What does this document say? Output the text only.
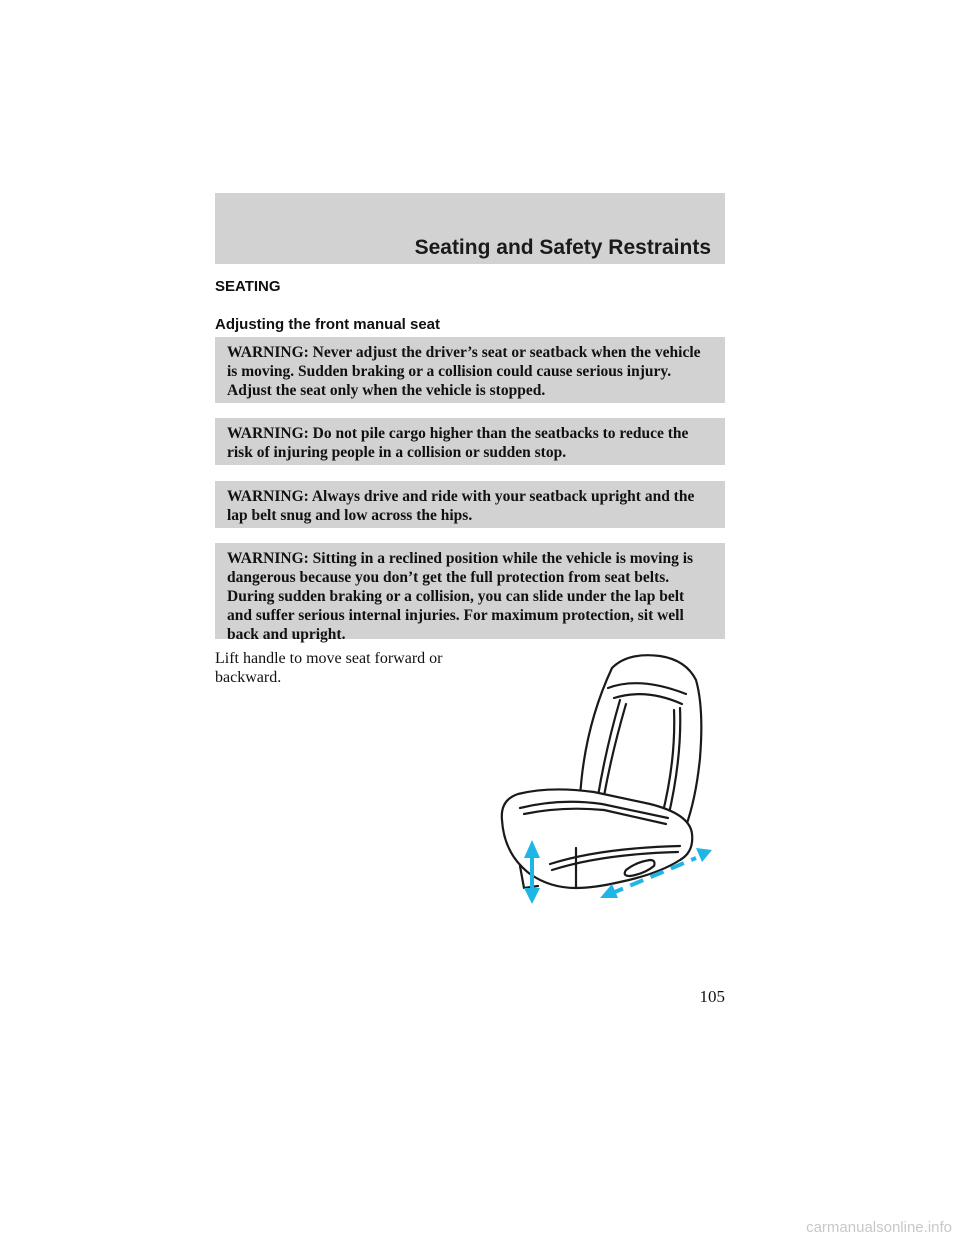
Seating and Safety Restraints
SEATING
Adjusting the front manual seat
WARNING: Never adjust the driver’s seat or seatback when the vehicle is moving. Sudden braking or a collision could cause serious injury. Adjust the seat only when the vehicle is stopped.
WARNING: Do not pile cargo higher than the seatbacks to reduce the risk of injuring people in a collision or sudden stop.
WARNING: Always drive and ride with your seatback upright and the lap belt snug and low across the hips.
WARNING: Sitting in a reclined position while the vehicle is moving is dangerous because you don’t get the full protection from seat belts. During sudden braking or a collision, you can slide under the lap belt and suffer serious internal injuries. For maximum protection, sit well back and upright.
Lift handle to move seat forward or backward.
105
carmanualsonline.info
